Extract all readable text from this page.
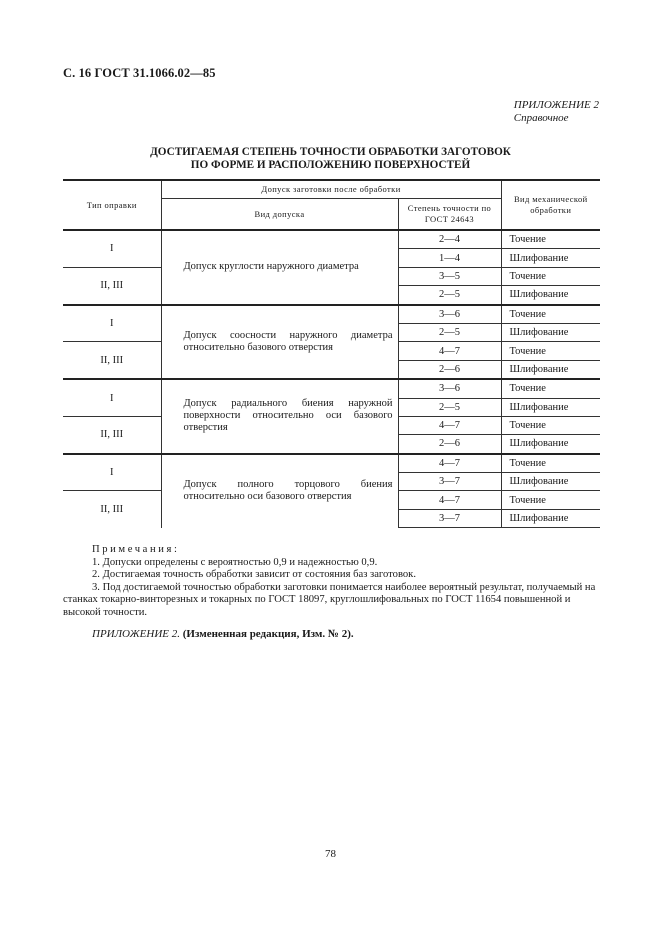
С. 16 ГОСТ 31.1066.02—85
ПРИЛОЖЕНИЕ 2
Справочное
ДОСТИГАЕМАЯ СТЕПЕНЬ ТОЧНОСТИ ОБРАБОТКИ ЗАГОТОВОК
ПО ФОРМЕ И РАСПОЛОЖЕНИЮ ПОВЕРХНОСТЕЙ
Тип оправки	Допуск заготовки после обработки		Вид механической обработки
	Вид допуска	Степень точности по ГОСТ 24643	
I	Допуск круглости наружного диаметра	2—4	Точение
		1—4	Шлифование
II, III		3—5	Точение
		2—5	Шлифование
I	Допуск соосности наружного диаметра относительно базового отверстия	3—6	Точение
		2—5	Шлифование
II, III		4—7	Точение
		2—6	Шлифование
I	Допуск радиального биения наружной поверхности относительно оси базового отверстия	3—6	Точение
		2—5	Шлифование
II, III		4—7	Точение
		2—6	Шлифование
I	Допуск полного торцового биения относительно оси базового отверстия	4—7	Точение
		3—7	Шлифование
II, III		4—7	Точение
		3—7	Шлифование

Примечания:

1. Допуски определены с вероятностью 0,9 и надежностью 0,9.

2. Достигаемая точность обработки зависит от состояния баз заготовок.

3. Под достигаемой точностью обработки заготовки понимается наиболее вероятный результат, получаемый на станках токарно-винторезных и токарных по ГОСТ 18097, круглошлифовальных по ГОСТ 11654 повышенной и высокой точности.

ПРИЛОЖЕНИЕ 2. (Измененная редакция, Изм. № 2).
78
